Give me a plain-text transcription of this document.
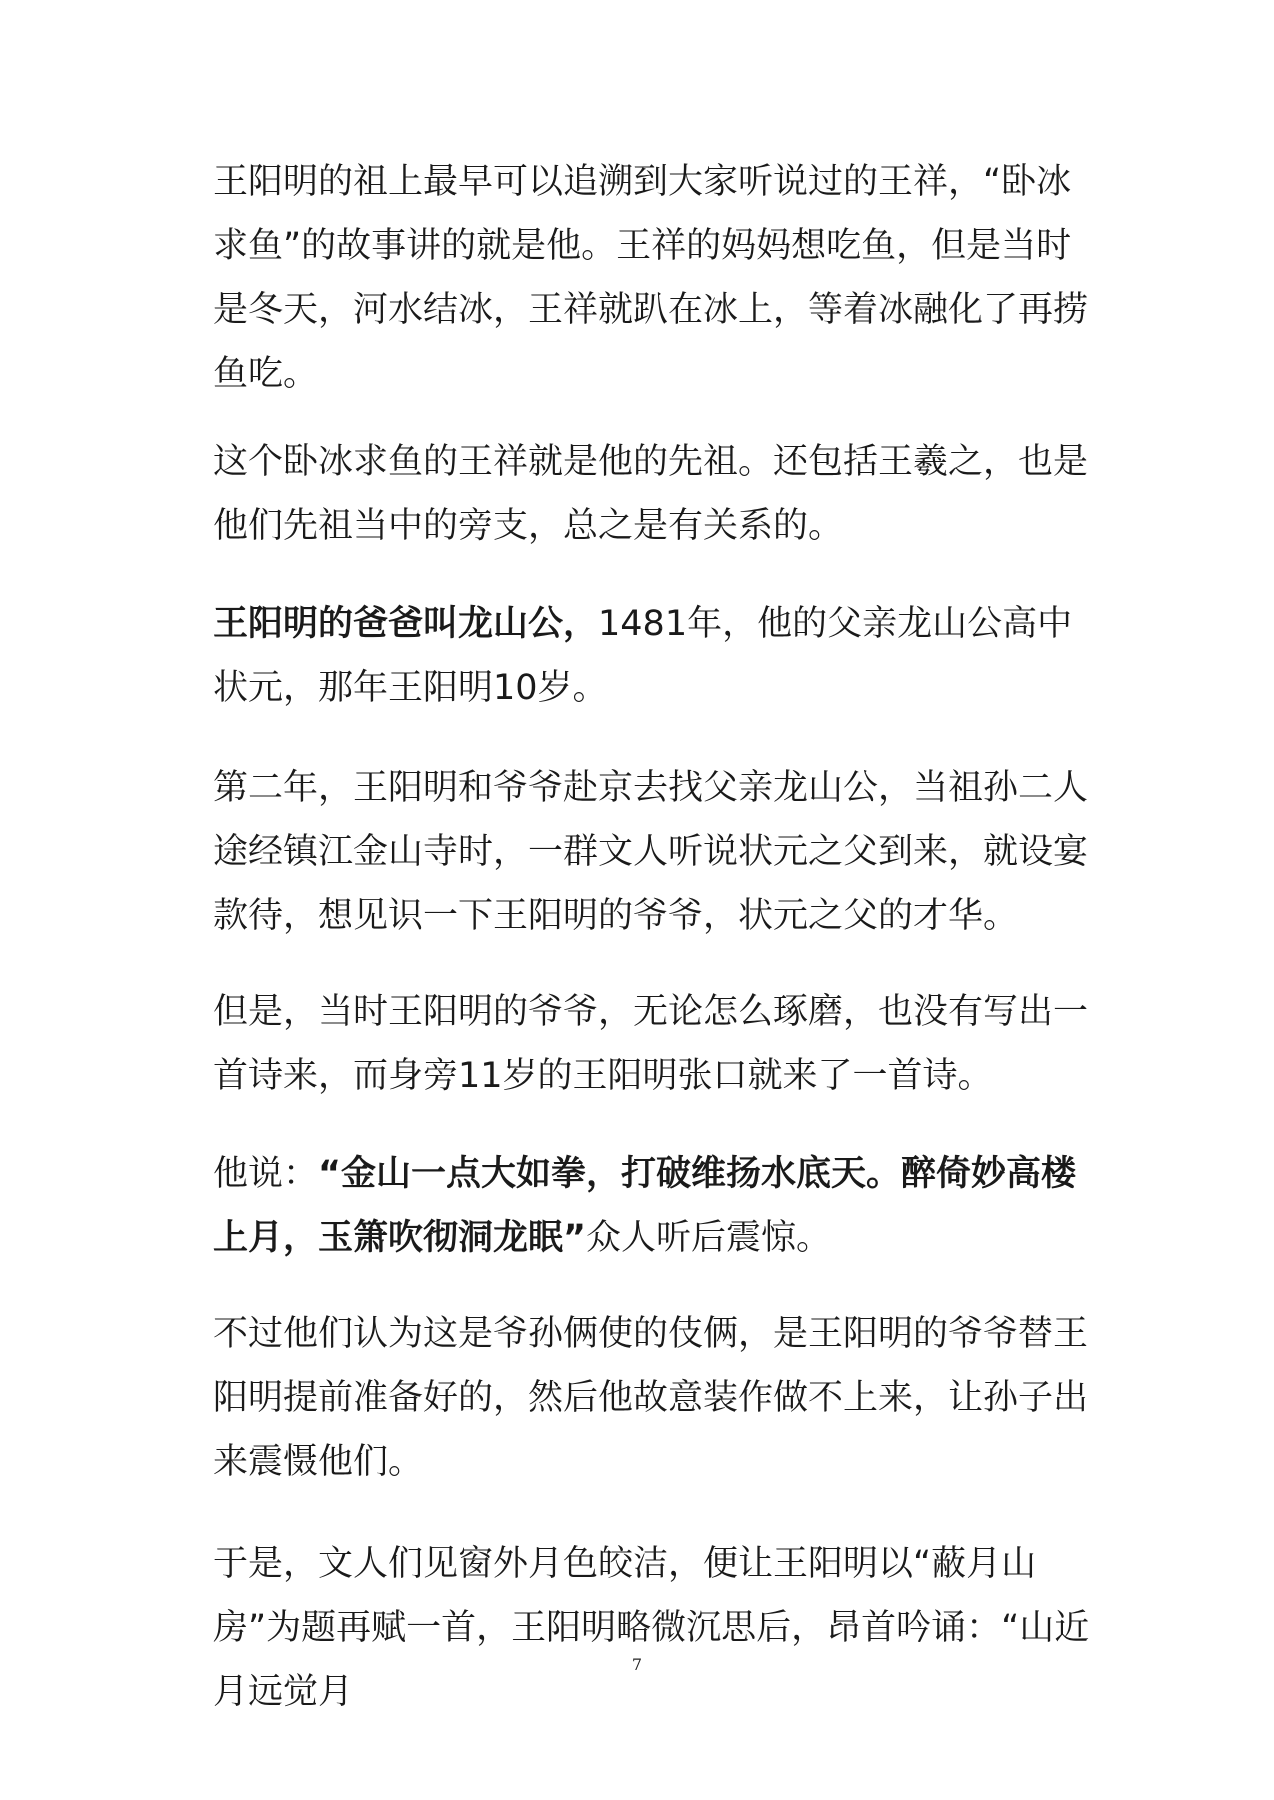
王阳明的祖上最早可以追溯到大家听说过的王祥，“卧冰求鱼”的故事讲的就是他。王祥的妈妈想吃鱼，但是当时是冬天，河水结冰，王祥就趴在冰上，等着冰融化了再捞鱼吃。

这个卧冰求鱼的王祥就是他的先祖。还包括王羲之，也是他们先祖当中的旁支，总之是有关系的。

王阳明的爸爸叫龙山公，1481年，他的父亲龙山公高中状元，那年王阳明10岁。

第二年，王阳明和爷爷赴京去找父亲龙山公，当祖孙二人途经镇江金山寺时，一群文人听说状元之父到来，就设宴款待，想见识一下王阳明的爷爷，状元之父的才华。

但是，当时王阳明的爷爷，无论怎么琢磨，也没有写出一首诗来，而身旁11岁的王阳明张口就来了一首诗。

他说：“金山一点大如拳，打破维扬水底天。醉倚妙高楼上月，玉箫吹彻洞龙眠”众人听后震惊。

不过他们认为这是爷孙俩使的伎俩，是王阳明的爷爷替王阳明提前准备好的，然后他故意装作做不上来，让孙子出来震慑他们。

于是，文人们见窗外月色皎洁，便让王阳明以“蔽月山房”为题再赋一首，王阳明略微沉思后，昂首吟诵：“山近月远觉月

7
